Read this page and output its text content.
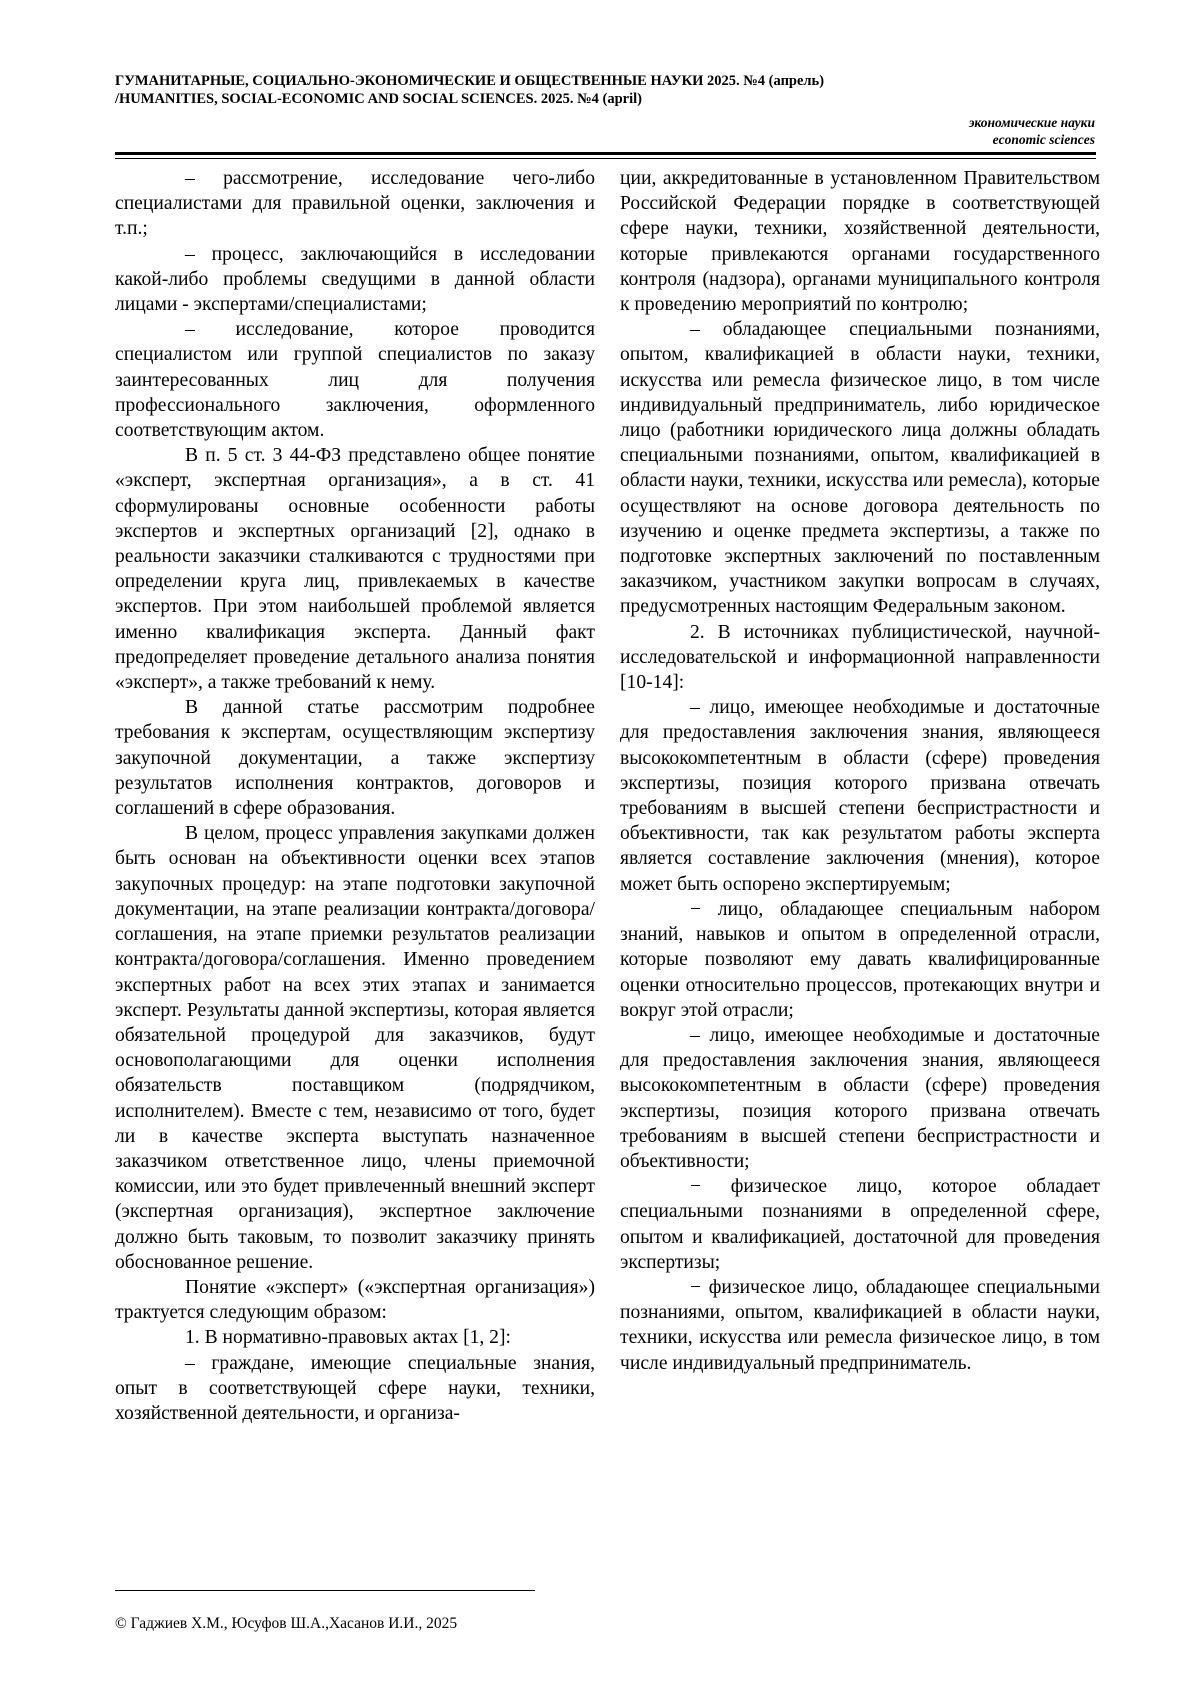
ГУМАНИТАРНЫЕ, СОЦИАЛЬНО-ЭКОНОМИЧЕСКИЕ И ОБЩЕСТВЕННЫЕ НАУКИ 2025. №4 (апрель)
/HUMANITIES, SOCIAL-ECONOMIC AND SOCIAL SCIENCES. 2025. №4 (april)
экономические науки
economic sciences

– рассмотрение, исследование чего-либо специалистами для правильной оценки, заключения и т.п.;

– процесс, заключающийся в исследовании какой-либо проблемы сведущими в данной области лицами - экспертами/специалистами;

– исследование, которое проводится специалистом или группой специалистов по заказу заинтересованных лиц для получения профессионального заключения, оформленного соответствующим актом.

В п. 5 ст. 3 44-ФЗ представлено общее понятие «эксперт, экспертная организация», а в ст. 41 сформулированы основные особенности работы экспертов и экспертных организаций [2], однако в реальности заказчики сталкиваются с трудностями при определении круга лиц, привлекаемых в качестве экспертов. При этом наибольшей проблемой является именно квалификация эксперта. Данный факт предопределяет проведение детального анализа понятия «эксперт», а также требований к нему.

В данной статье рассмотрим подробнее требования к экспертам, осуществляющим экспертизу закупочной документации, а также экспертизу результатов исполнения контрактов, договоров и соглашений в сфере образования.

В целом, процесс управления закупками должен быть основан на объективности оценки всех этапов закупочных процедур: на этапе подготовки закупочной документации, на этапе реализации контракта/договора/соглашения, на этапе приемки результатов реализации контракта/договора/соглашения. Именно проведением экспертных работ на всех этих этапах и занимается эксперт. Результаты данной экспертизы, которая является обязательной процедурой для заказчиков, будут основополагающими для оценки исполнения обязательств поставщиком (подрядчиком, исполнителем). Вместе с тем, независимо от того, будет ли в качестве эксперта выступать назначенное заказчиком ответственное лицо, члены приемочной комиссии, или это будет привлеченный внешний эксперт (экспертная организация), экспертное заключение должно быть таковым, то позволит заказчику принять обоснованное решение.

Понятие «эксперт» («экспертная организация») трактуется следующим образом:

1. В нормативно-правовых актах [1, 2]:

– граждане, имеющие специальные знания, опыт в соответствующей сфере науки, техники, хозяйственной деятельности, и организа-

ции, аккредитованные в установленном Правительством Российской Федерации порядке в соответствующей сфере науки, техники, хозяйственной деятельности, которые привлекаются органами государственного контроля (надзора), органами муниципального контроля к проведению мероприятий по контролю;

– обладающее специальными познаниями, опытом, квалификацией в области науки, техники, искусства или ремесла физическое лицо, в том числе индивидуальный предприниматель, либо юридическое лицо (работники юридического лица должны обладать специальными познаниями, опытом, квалификацией в области науки, техники, искусства или ремесла), которые осуществляют на основе договора деятельность по изучению и оценке предмета экспертизы, а также по подготовке экспертных заключений по поставленным заказчиком, участником закупки вопросам в случаях, предусмотренных настоящим Федеральным законом.

2. В источниках публицистической, научной-исследовательской и информационной направленности [10-14]:

– лицо, имеющее необходимые и достаточные для предоставления заключения знания, являющееся высококомпетентным в области (сфере) проведения экспертизы, позиция которого призвана отвечать требованиям в высшей степени беспристрастности и объективности, так как результатом работы эксперта является составление заключения (мнения), которое может быть оспорено экспертируемым;

− лицо, обладающее специальным набором знаний, навыков и опытом в определенной отрасли, которые позволяют ему давать квалифицированные оценки относительно процессов, протекающих внутри и вокруг этой отрасли;

– лицо, имеющее необходимые и достаточные для предоставления заключения знания, являющееся высококомпетентным в области (сфере) проведения экспертизы, позиция которого призвана отвечать требованиям в высшей степени беспристрастности и объективности;

− физическое лицо, которое обладает специальными познаниями в определенной сфере, опытом и квалификацией, достаточной для проведения экспертизы;

− физическое лицо, обладающее специальными познаниями, опытом, квалификацией в области науки, техники, искусства или ремесла физическое лицо, в том числе индивидуальный предприниматель.

© Гаджиев Х.М., Юсуфов Ш.А.,Хасанов И.И., 2025
